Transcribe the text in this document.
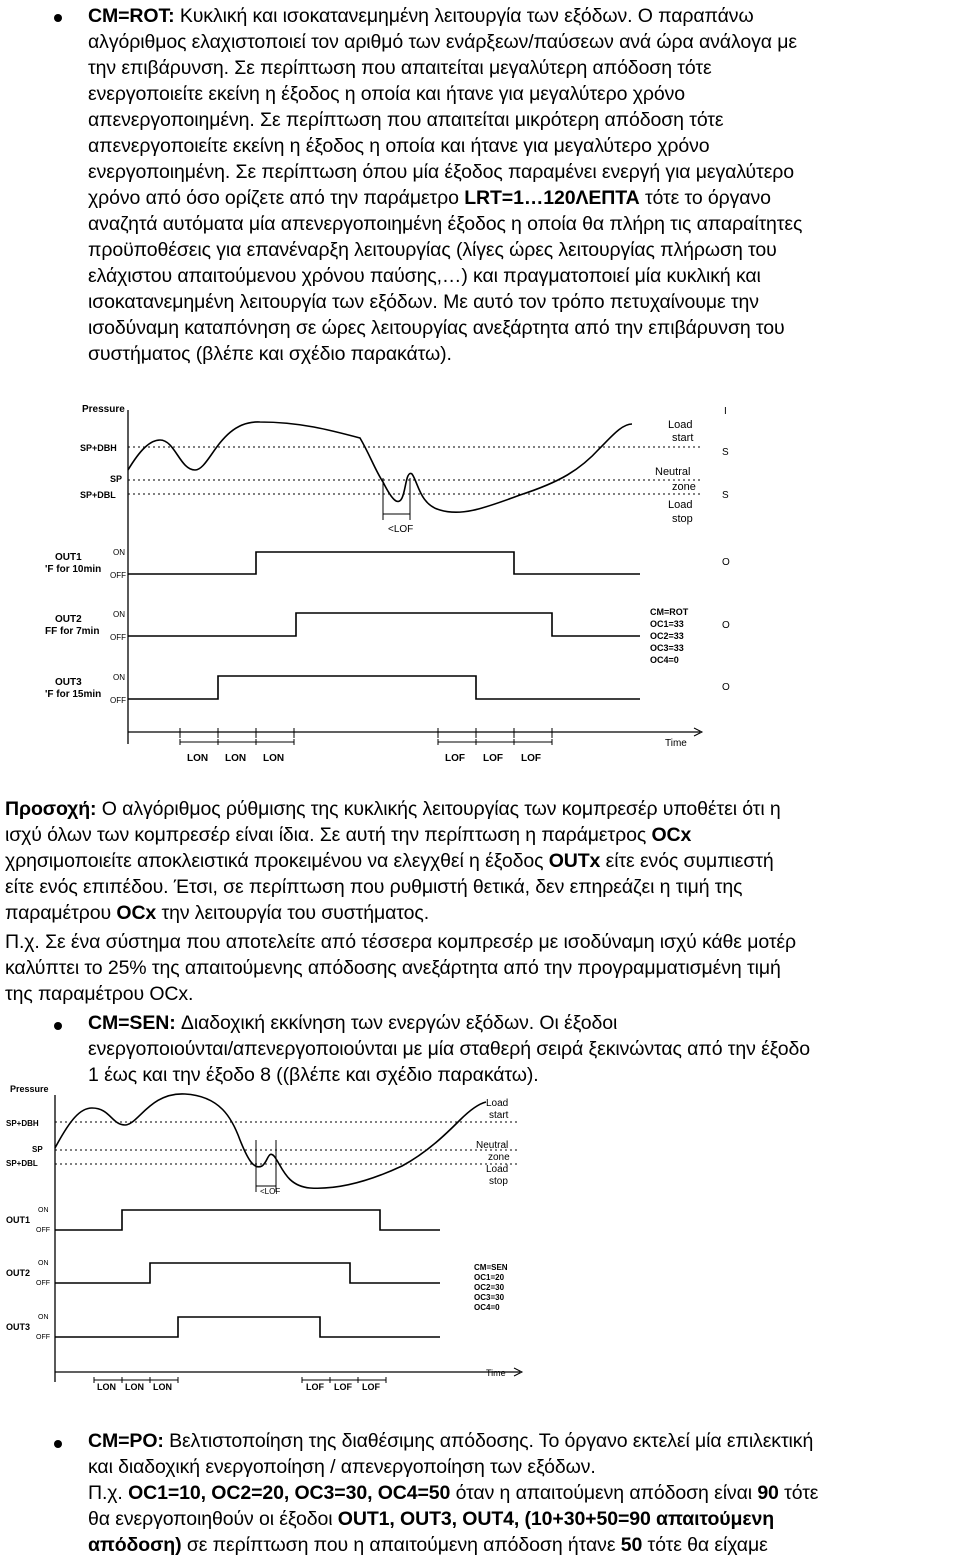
CM=ROT: Κυκλική και ισοκατανεμημένη λειτουργία των εξόδων. Ο παραπάνω
αλγόριθμος ελαχιστοποιεί τον αριθμό των ενάρξεων/παύσεων ανά ώρα ανάλογα με
την επιβάρυνση. Σε περίπτωση που απαιτείται μεγαλύτερη απόδοση τότε
ενεργοποιείτε εκείνη η έξοδος η οποία και ήτανε για μεγαλύτερο χρόνο
απενεργοποιημένη. Σε περίπτωση που απαιτείται μικρότερη απόδοση τότε
απενεργοποιείτε εκείνη η έξοδος η οποία και ήτανε για μεγαλύτερο χρόνο
ενεργοποιημένη. Σε περίπτωση όπου μία έξοδος παραμένει ενεργή για μεγαλύτερο
χρόνο από όσο ορίζετε από την παράμετρο LRT=1…120ΛΕΠΤΑ τότε το όργανο
αναζητά αυτόματα μία απενεργοποιημένη έξοδος η οποία θα πλήρη τις απαραίτητες
προϋποθέσεις για επανέναρξη λειτουργίας (λίγες ώρες λειτουργίας πλήρωση του
ελάχιστου απαιτούμενου χρόνου παύσης,…) και πραγματοποιεί μία κυκλική και
ισοκατανεμημένη λειτουργία των εξόδων. Με αυτό τον τρόπο πετυχαίνουμε την
ισοδύναμη καταπόνηση σε ώρες λειτουργίας ανεξάρτητα από την επιβάρυνση του
συστήματος (βλέπε και σχέδιο παρακάτω).
<LOF
Pressure
SP+DBH
SP
SP+DBL
Load
start
Neutral
zone
Load
stop
I
S
S
OUT1
'F for 10min
ON
OFF
OUT2
FF for 7min
ON
OFF
OUT3
'F for 15min
ON
OFF
CM=ROT
OC1=33
OC2=33
OC3=33
OC4=0
O
O
O
Time
LON LON LON	LOF LOF LOF
Προσοχή: Ο αλγόριθμος ρύθμισης της κυκλικής λειτουργίας των κομπρεσέρ υποθέτει ότι η
ισχύ όλων των κομπρεσέρ είναι ίδια. Σε αυτή την περίπτωση η παράμετρος OCx
χρησιμοποιείτε αποκλειστικά προκειμένου να ελεγχθεί η έξοδος OUTx είτε ενός συμπιεστή
είτε ενός επιπέδου. Έτσι, σε περίπτωση που ρυθμιστή θετικά, δεν επηρεάζει η τιμή της
παραμέτρου OCx την λειτουργία του συστήματος.
Π.χ. Σε ένα σύστημα που αποτελείτε από τέσσερα κομπρεσέρ με ισοδύναμη ισχύ κάθε μοτέρ
καλύπτει το 25% της απαιτούμενης απόδοσης ανεξάρτητα από την προγραμματισμένη τιμή
της παραμέτρου OCx.
CM=SEN: Διαδοχική εκκίνηση των ενεργών εξόδων. Οι έξοδοι
ενεργοποιούνται/απενεργοποιούνται με μία σταθερή σειρά ξεκινώντας από την έξοδο
1 έως και την έξοδο 8 ((βλέπε και σχέδιο παρακάτω).
<LOF
Pressure
SP+DBH
SP
SP+DBL
Load
start
Neutral
zone
Load
stop
OUT1
ON
OFF
OUT2
ON
OFF
OUT3
ON
OFF
CM=SEN
OC1=20
OC2=30
OC3=30
OC4=0
Time
LON LON LON	LOF LOF LOF
CM=PO: Βελτιστοποίηση της διαθέσιμης απόδοσης. Το όργανο εκτελεί μία επιλεκτική
και διαδοχική ενεργοποίηση / απενεργοποίηση των εξόδων.
Π.χ. OC1=10, OC2=20, OC3=30, OC4=50 όταν η απαιτούμενη απόδοση είναι 90 τότε
θα ενεργοποιηθούν οι έξοδοι OUT1, OUT3, OUT4, (10+30+50=90 απαιτούμενη
απόδοση) σε περίπτωση που η απαιτούμενη απόδοση ήτανε 50 τότε θα είχαμε
